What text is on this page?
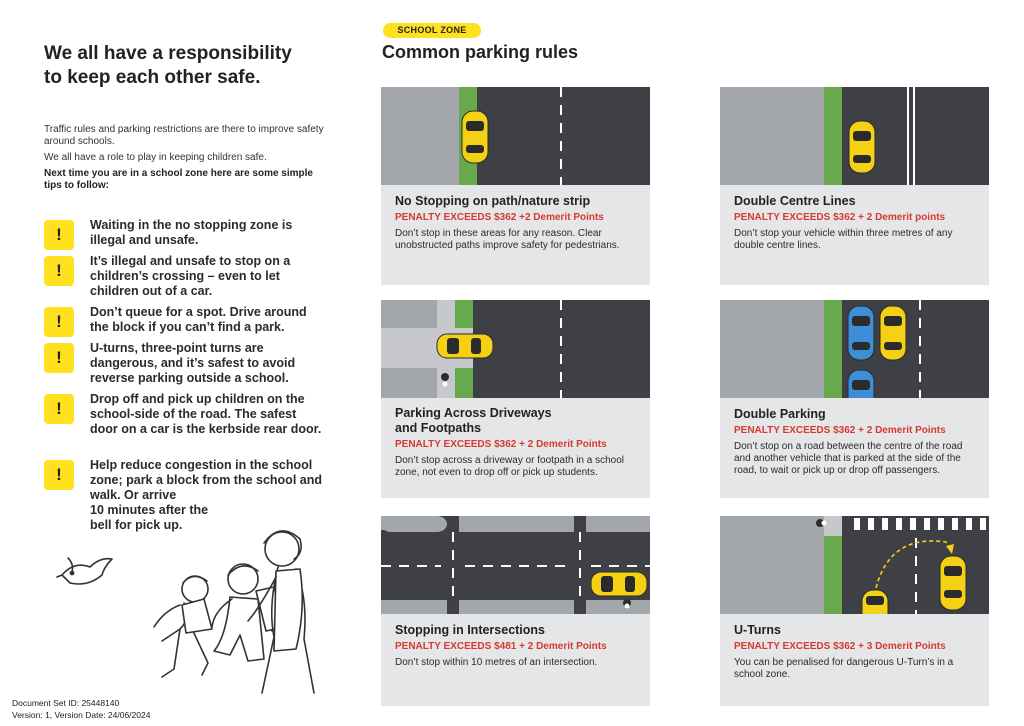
We all have a responsibility to keep each other safe.

Traffic rules and parking restrictions are there to improve safety around schools.

We all have a role to play in keeping children safe.

Next time you are in a school zone here are some simple tips to follow:

!	Waiting in the no stopping zone is illegal and unsafe.
!	It’s illegal and unsafe to stop on a children’s crossing – even to let children out of a car.
!	Don’t queue for a spot. Drive around the block if you can’t find a park.
!	U-turns, three-point turns are dangerous, and it’s safest to avoid reverse parking outside a school.
!	Drop off and pick up children on the school-side of the road. The safest door on a car is the kerbside rear door.
!	Help reduce congestion in the school zone; park a block from the school and walk. Or arrive
10 minutes after the
bell for pick up.
Document Set ID: 25448140
Version: 1, Version Date: 24/06/2024
SCHOOL ZONE
Common parking rules
No Stopping on path/nature strip
PENALTY EXCEEDS $362 +2 Demerit Points
Don’t stop in these areas for any reason. Clear unobstructed paths improve safety for pedestrians.
Double Centre Lines
PENALTY EXCEEDS $362 + 2 Demerit points
Don’t stop your vehicle within three metres of any double centre lines.
Parking Across Driveways
and Footpaths
PENALTY EXCEEDS $362 + 2 Demerit Points
Don’t stop across a driveway or footpath in a school zone, not even to drop off or pick up students.
Double Parking
PENALTY EXCEEDS $362 + 2 Demerit Points
Don’t stop on a road between the centre of the road and another vehicle that is parked at the side of the road, to wait or pick up or drop off passengers.
Stopping in Intersections
PENALTY EXCEEDS $481 + 2 Demerit Points
Don’t stop within 10 metres of an intersection.
U-Turns
PENALTY EXCEEDS $362 + 3 Demerit Points
You can be penalised for dangerous U-Turn’s in a school zone.
